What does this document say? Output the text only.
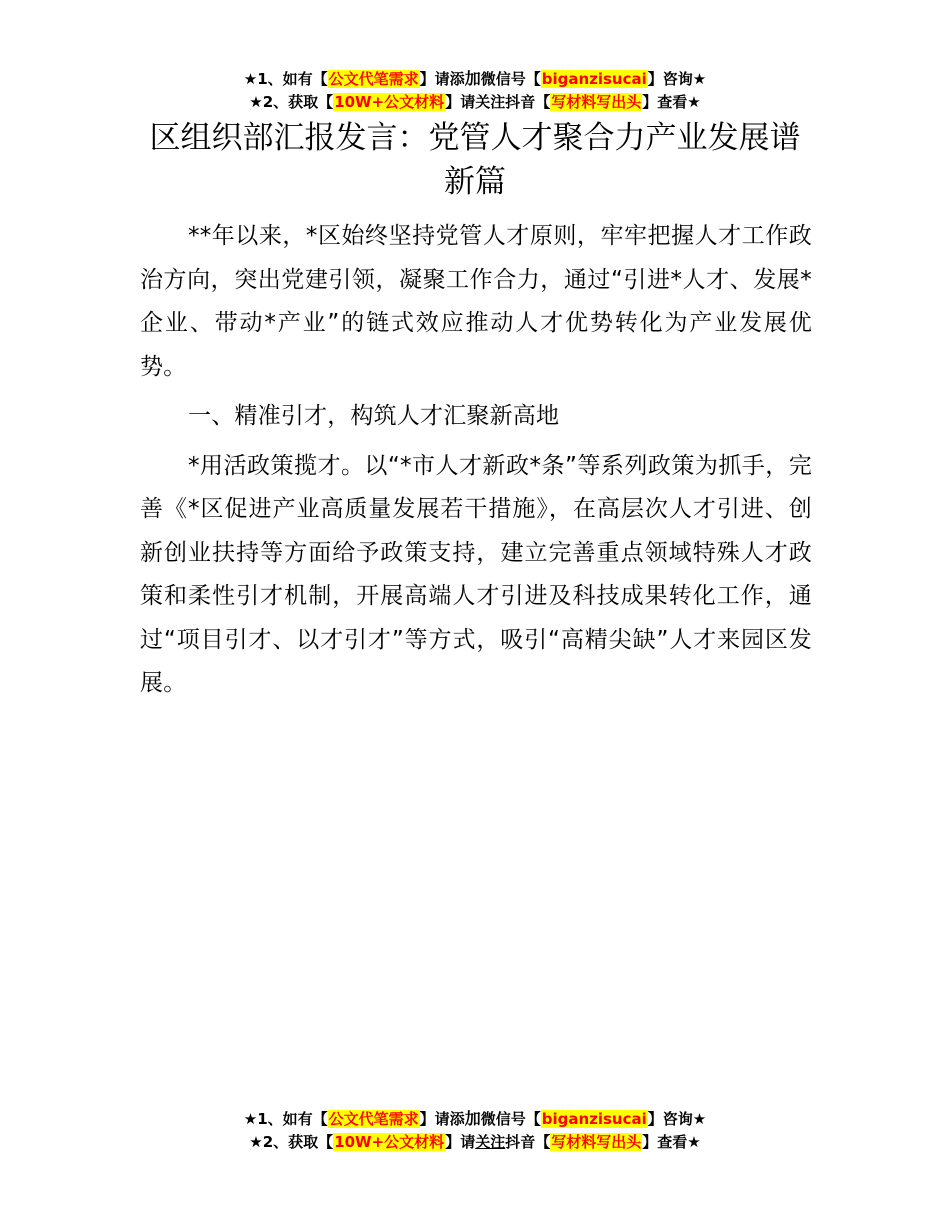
★1、如有【公文代笔需求】请添加微信号【biganzisucai】咨询★
★2、获取【10W+公文材料】请关注抖音【写材料写出头】查看★
区组织部汇报发言：党管人才聚合力产业发展谱新篇

**年以来，*区始终坚持党管人才原则，牢牢把握人才工作政治方向，突出党建引领，凝聚工作合力，通过“引进*人才、发展*企业、带动*产业”的链式效应推动人才优势转化为产业发展优势。

一、精准引才，构筑人才汇聚新高地

*用活政策揽才。以“*市人才新政*条”等系列政策为抓手，完善《*区促进产业高质量发展若干措施》，在高层次人才引进、创新创业扶持等方面给予政策支持，建立完善重点领域特殊人才政策和柔性引才机制，开展高端人才引进及科技成果转化工作，通过“项目引才、以才引才”等方式，吸引“高精尖缺”人才来园区发展。

★1、如有【公文代笔需求】请添加微信号【biganzisucai】咨询★
★2、获取【10W+公文材料】请关注抖音【写材料写出头】查看★
